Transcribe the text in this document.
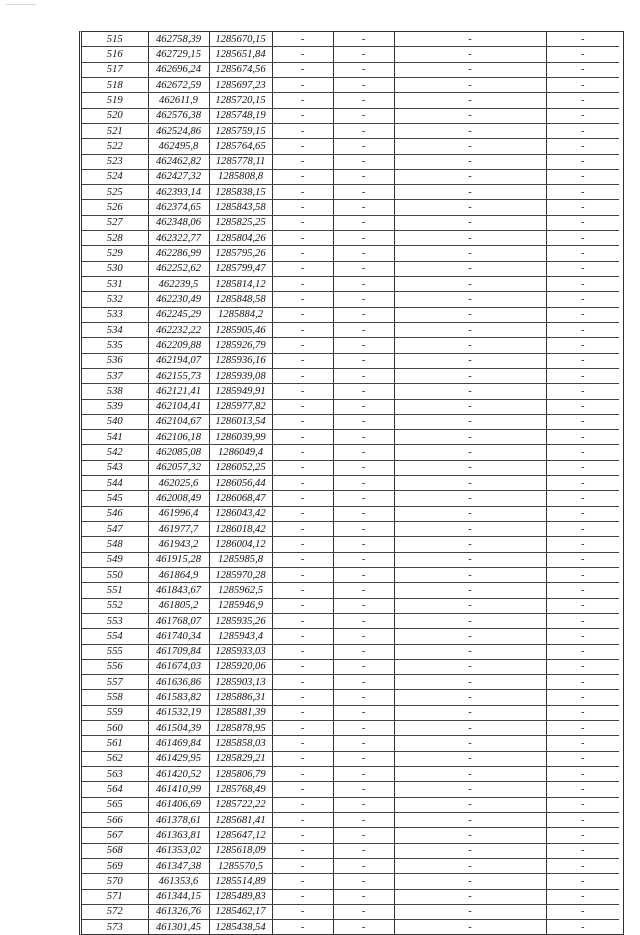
515	462758,39	1285670,15	-	-	-	-
516	462729,15	1285651,84	-	-	-	-
517	462696,24	1285674,56	-	-	-	-
518	462672,59	1285697,23	-	-	-	-
519	462611,9	1285720,15	-	-	-	-
520	462576,38	1285748,19	-	-	-	-
521	462524,86	1285759,15	-	-	-	-
522	462495,8	1285764,65	-	-	-	-
523	462462,82	1285778,11	-	-	-	-
524	462427,32	1285808,8	-	-	-	-
525	462393,14	1285838,15	-	-	-	-
526	462374,65	1285843,58	-	-	-	-
527	462348,06	1285825,25	-	-	-	-
528	462322,77	1285804,26	-	-	-	-
529	462286,99	1285795,26	-	-	-	-
530	462252,62	1285799,47	-	-	-	-
531	462239,5	1285814,12	-	-	-	-
532	462230,49	1285848,58	-	-	-	-
533	462245,29	1285884,2	-	-	-	-
534	462232,22	1285905,46	-	-	-	-
535	462209,88	1285926,79	-	-	-	-
536	462194,07	1285936,16	-	-	-	-
537	462155,73	1285939,08	-	-	-	-
538	462121,41	1285949,91	-	-	-	-
539	462104,41	1285977,82	-	-	-	-
540	462104,67	1286013,54	-	-	-	-
541	462106,18	1286039,99	-	-	-	-
542	462085,08	1286049,4	-	-	-	-
543	462057,32	1286052,25	-	-	-	-
544	462025,6	1286056,44	-	-	-	-
545	462008,49	1286068,47	-	-	-	-
546	461996,4	1286043,42	-	-	-	-
547	461977,7	1286018,42	-	-	-	-
548	461943,2	1286004,12	-	-	-	-
549	461915,28	1285985,8	-	-	-	-
550	461864,9	1285970,28	-	-	-	-
551	461843,67	1285962,5	-	-	-	-
552	461805,2	1285946,9	-	-	-	-
553	461768,07	1285935,26	-	-	-	-
554	461740,34	1285943,4	-	-	-	-
555	461709,84	1285933,03	-	-	-	-
556	461674,03	1285920,06	-	-	-	-
557	461636,86	1285903,13	-	-	-	-
558	461583,82	1285886,31	-	-	-	-
559	461532,19	1285881,39	-	-	-	-
560	461504,39	1285878,95	-	-	-	-
561	461469,84	1285858,03	-	-	-	-
562	461429,95	1285829,21	-	-	-	-
563	461420,52	1285806,79	-	-	-	-
564	461410,99	1285768,49	-	-	-	-
565	461406,69	1285722,22	-	-	-	-
566	461378,61	1285681,41	-	-	-	-
567	461363,81	1285647,12	-	-	-	-
568	461353,02	1285618,09	-	-	-	-
569	461347,38	1285570,5	-	-	-	-
570	461353,6	1285514,89	-	-	-	-
571	461344,15	1285489,83	-	-	-	-
572	461326,76	1285462,17	-	-	-	-
573	461301,45	1285438,54	-	-	-	-
